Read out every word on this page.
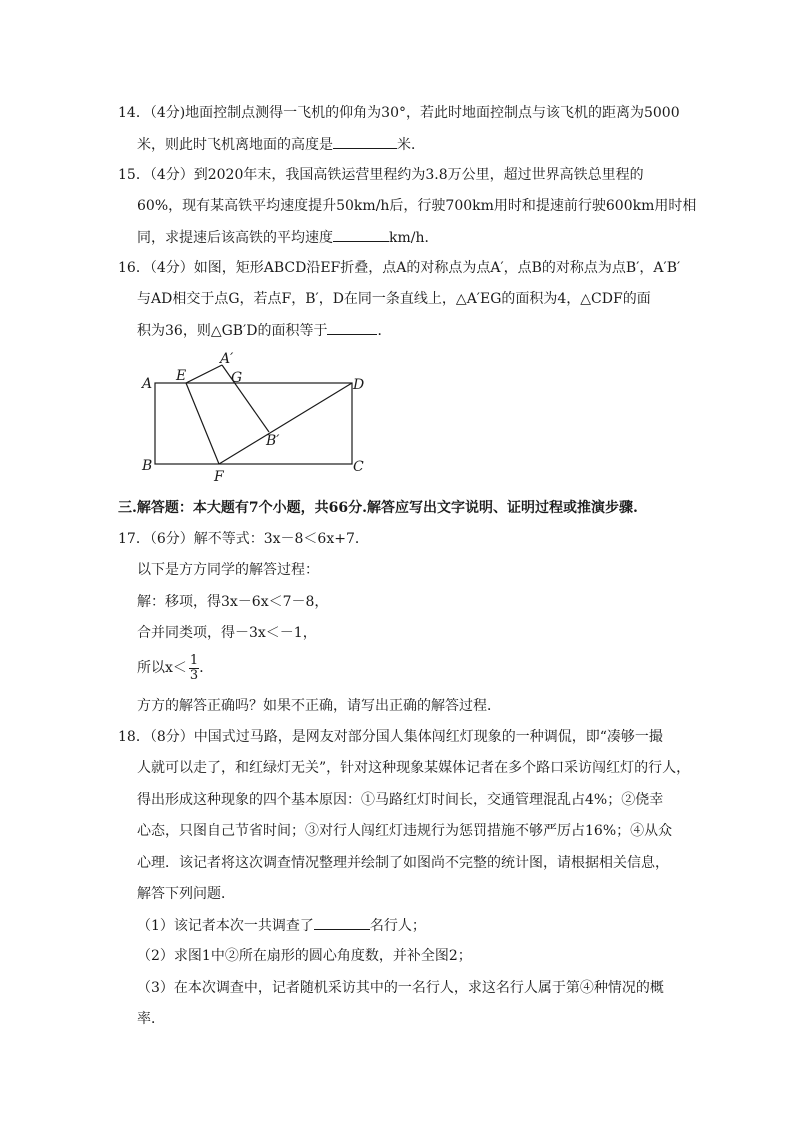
14．（4分)地面控制点测得一飞机的仰角为30°，若此时地面控制点与该飞机的距离为5000
米，则此时飞机离地面的高度是	米．
15．（4分）到2020年末，我国高铁运营里程约为3.8万公里，超过世界高铁总里程的
60%，现有某高铁平均速度提升50km/h后，行驶700km用时和提速前行驶600km用时相
同，求提速后该高铁的平均速度	km/h．
16．（4分）如图，矩形ABCD沿EF折叠，点A的对称点为点A′，点B的对称点为点B′，A′B′
与AD相交于点G，若点F，B′，D在同一条直线上，△A′EG的面积为4，△CDF的面
积为36，则△GB′D的面积等于	．
A E
A′
G	D
B′
B
F
C
三.解答题：本大题有7个小题，共66分.解答应写出文字说明、证明过程或推演步骤.
17．（6分）解不等式：3x－8＜6x+7．
以下是方方同学的解答过程：
解：移项，得3x－6x＜7－8，
合并同类项，得－3x＜－1，
所以$x< \frac{1}{3}$ ．
方方的解答正确吗？如果不正确，请写出正确的解答过程．
18．（8分）中国式过马路，是网友对部分国人集体闯红灯现象的一种调侃，即“凑够一撮
人就可以走了，和红绿灯无关”，针对这种现象某媒体记者在多个路口采访闯红灯的行人，
得出形成这种现象的四个基本原因：①马路红灯时间长，交通管理混乱占4%；②侥幸
心态，只图自己节省时间；③对行人闯红灯违规行为惩罚措施不够严厉占16%；④从众
心理．该记者将这次调查情况整理并绘制了如图尚不完整的统计图，请根据相关信息，
解答下列问题．
（1）该记者本次一共调查了	名行人；
（2）求图1中②所在扇形的圆心角度数，并补全图2；
（3）在本次调查中，记者随机采访其中的一名行人，求这名行人属于第④种情况的概
率．
